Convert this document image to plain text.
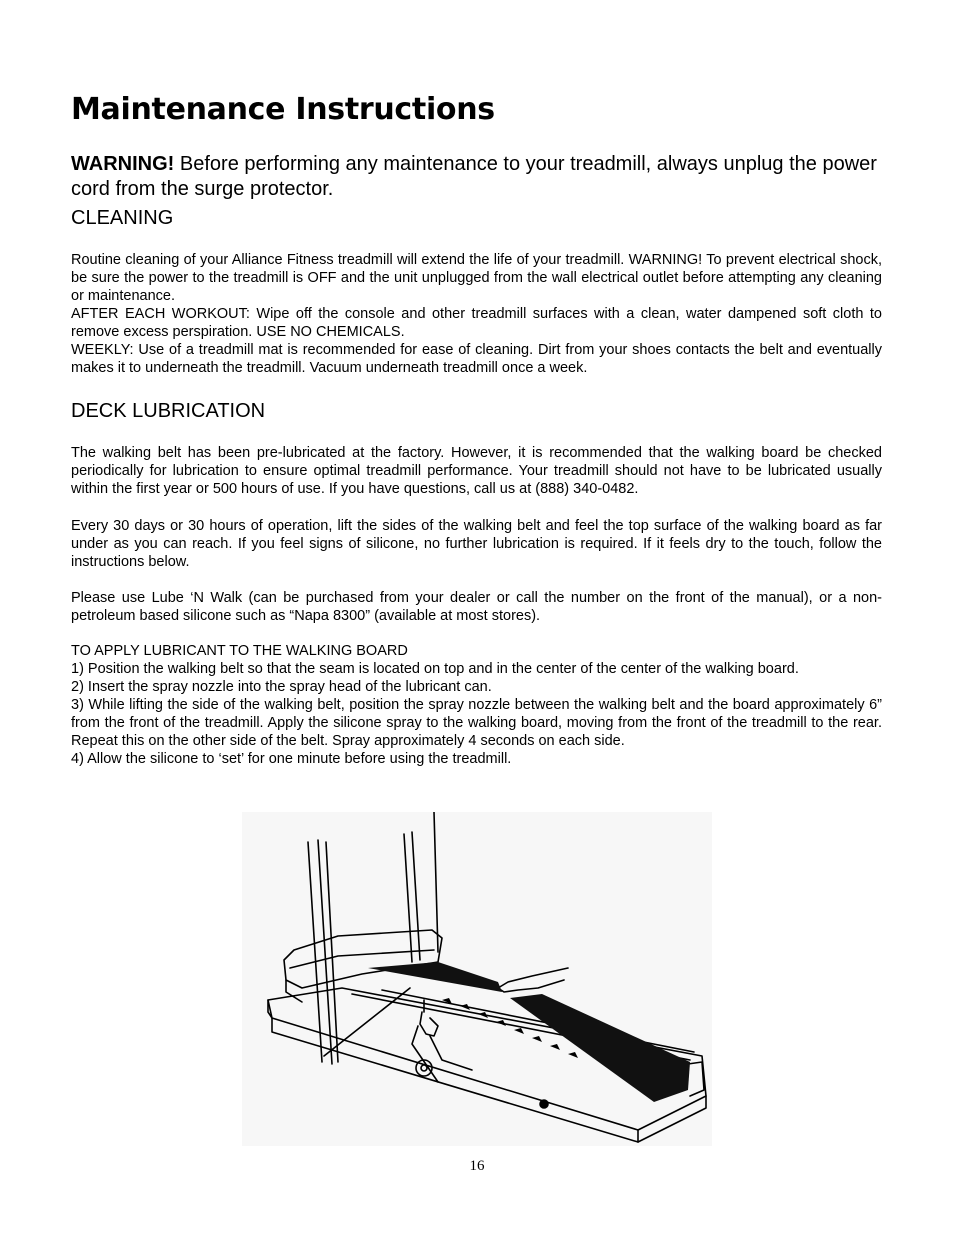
Maintenance Instructions

WARNING! Before performing any maintenance to your treadmill, always unplug the power cord from the surge protector.

CLEANING

Routine cleaning of your Alliance Fitness treadmill will extend the life of your treadmill. WARNING! To prevent electrical shock, be sure the power to the treadmill is OFF and the unit unplugged from the wall electrical outlet before attempting any cleaning or maintenance.

AFTER EACH WORKOUT: Wipe off the console and other treadmill surfaces with a clean, water dampened soft cloth to remove excess perspiration. USE NO CHEMICALS.

WEEKLY: Use of a treadmill mat is recommended for ease of cleaning. Dirt from your shoes contacts the belt and eventually makes it to underneath the treadmill. Vacuum underneath treadmill once a week.

DECK LUBRICATION

The walking belt has been pre-lubricated at the factory. However, it is recommended that the walking board be checked periodically for lubrication to ensure optimal treadmill performance. Your treadmill should not have to be lubricated usually within the first year or 500 hours of use. If you have questions, call us at (888) 340-0482.

Every 30 days or 30 hours of operation, lift the sides of the walking belt and feel the top surface of the walking board as far under as you can reach. If you feel signs of silicone, no further lubrication is required. If it feels dry to the touch, follow the instructions below.

Please use Lube ‘N Walk (can be purchased from your dealer or call the number on the front of the manual), or a non-petroleum based silicone such as “Napa 8300” (available at most stores).

TO APPLY LUBRICANT TO THE WALKING BOARD

1) Position the walking belt so that the seam is located on top and in the center of the center of the walking board.

2) Insert the spray nozzle into the spray head of the lubricant can.

3) While lifting the side of the walking belt, position the spray nozzle between the walking belt and the board approximately 6” from the front of the treadmill. Apply the silicone spray to the walking board, moving from the front of the treadmill to the rear. Repeat this on the other side of the belt. Spray approximately 4 seconds on each side.

4) Allow the silicone to ‘set’ for one minute before using the treadmill.

16
